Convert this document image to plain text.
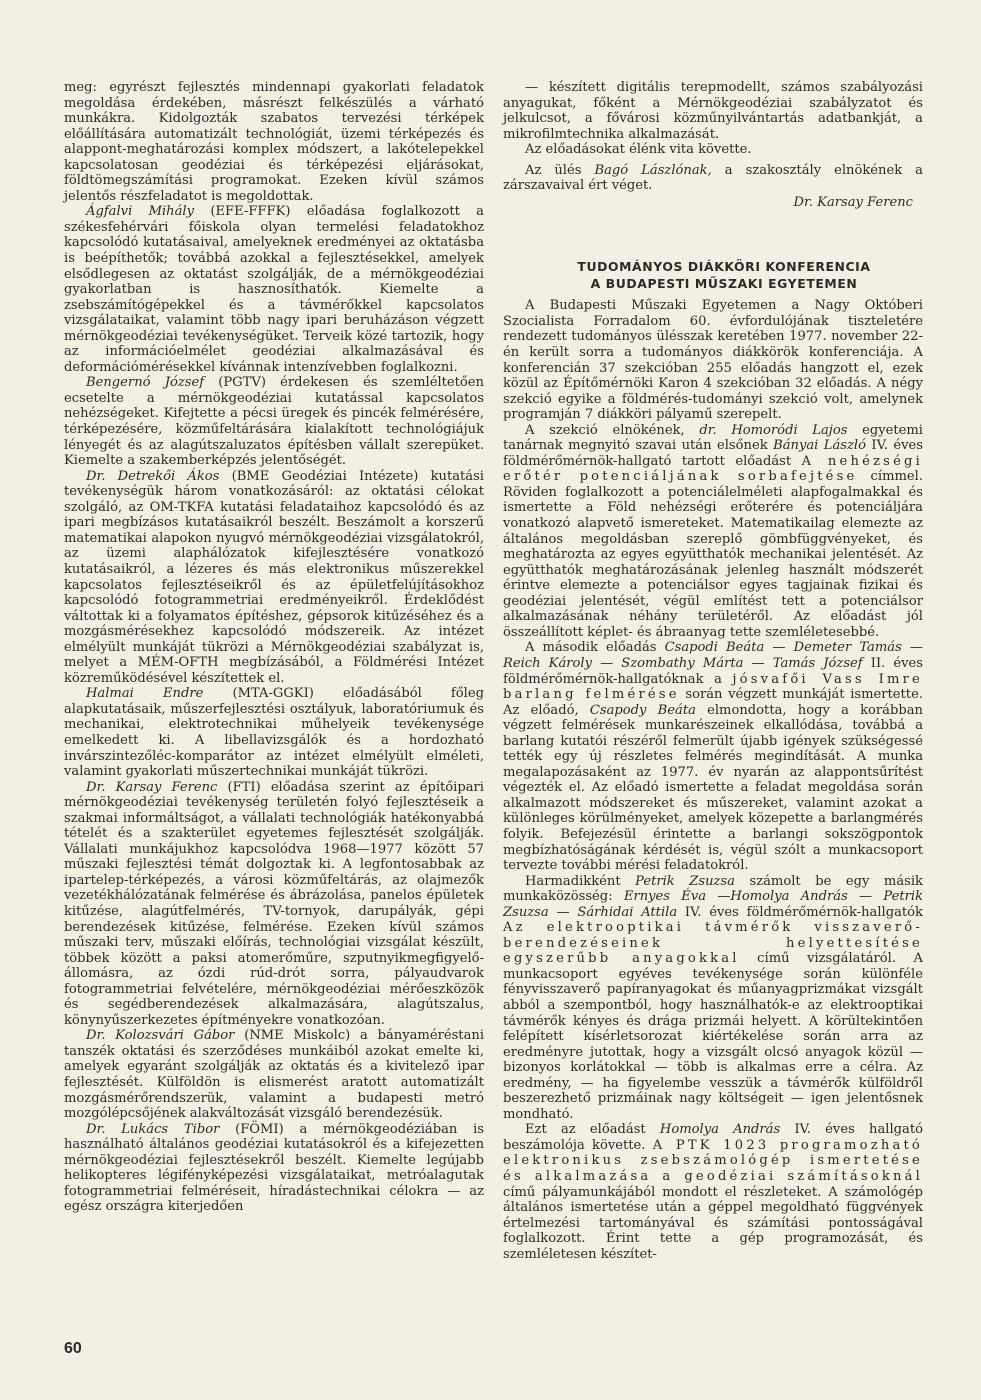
meg: egyrészt fejlesztés mindennapi gyakorlati feladatok megoldása érdekében, másrészt felkészülés a várható munkákra. Kidolgozták szabatos tervezési térképek előállítására automatizált technológiát, üzemi térképezés és alappont-meghatározási komplex módszert, a lakótelepekkel kapcsolatosan geodéziai és térképezési eljárásokat, földtömegszámítási programokat. Ezeken kívül számos jelentős részfeladatot is megoldottak.

Ágfalvi Mihály (EFE-FFFK) előadása foglalkozott a székesfehérvári főiskola olyan termelési feladatokhoz kapcsolódó kutatásaival, amelyeknek eredményei az oktatásba is beépíthetők; továbbá azokkal a fejlesztésekkel, amelyek elsődlegesen az oktatást szolgálják, de a mérnökgeodéziai gyakorlatban is hasznosíthatók. Kiemelte a zsebszámítógépekkel és a távmérőkkel kapcsolatos vizsgálataikat, valamint több nagy ipari beruházáson végzett mérnökgeodéziai tevékenységüket. Terveik közé tartozik, hogy az információelmélet geodéziai alkalmazásával és deformációmérésekkel kívánnak intenzívebben foglalkozni.

Bengernó József (PGTV) érdekesen és szemléltetően ecsetelte a mérnökgeodéziai kutatással kapcsolatos nehézségeket. Kifejtette a pécsi üregek és pincék felmérésére, térképezésére, közműfeltárására kialakított technológiájuk lényegét és az alagútszaluzatos építésben vállalt szerepüket. Kiemelte a szakemberképzés jelentőségét.

Dr. Detrekői Ákos (BME Geodéziai Intézete) kutatási tevékenységük három vonatkozásáról: az oktatási célokat szolgáló, az OM-TKFA kutatási feladataihoz kapcsolódó és az ipari megbízásos kutatásaikról beszélt. Beszámolt a korszerű matematikai alapokon nyugvó mérnökgeodéziai vizsgálatokról, az üzemi alaphálózatok kifejlesztésére vonatkozó kutatásaikról, a lézeres és más elektronikus műszerekkel kapcsolatos fejlesztéseikről és az épületfelújításokhoz kapcsolódó fotogrammetriai eredményeikről. Érdeklődést váltottak ki a folyamatos építéshez, gépsorok kitűzéséhez és a mozgásmérésekhez kapcsolódó módszereik. Az intézet elmélyült munkáját tükrözi a Mérnökgeodéziai szabályzat is, melyet a MÉM-OFTH megbízásából, a Földmérési Intézet közreműködésével készítettek el.

Halmai Endre (MTA-GGKI) előadásából főleg alapkutatásaik, műszerfejlesztési osztályuk, laboratóriumuk és mechanikai, elektrotechnikai műhelyeik tevékenysége emelkedett ki. A libellavizsgálók és a hordozható invárszintezőléc-komparátor az intézet elmélyült elméleti, valamint gyakorlati műszertechnikai munkáját tükrözi.

Dr. Karsay Ferenc (FTI) előadása szerint az építőipari mérnökgeodéziai tevékenység területén folyó fejlesztéseik a szakmai informáltságot, a vállalati technológiák hatékonyabbá tételét és a szakterület egyetemes fejlesztését szolgálják. Vállalati munkájukhoz kapcsolódva 1968—1977 között 57 műszaki fejlesztési témát dolgoztak ki. A legfontosabbak az ipartelep-térképezés, a városi közműfeltárás, az olajmezők vezetékhálózatának felmérése és ábrázolása, panelos épületek kitűzése, alagútfelmérés, TV-tornyok, darupályák, gépi berendezések kitűzése, felmérése. Ezeken kívül számos műszaki terv, műszaki előírás, technológiai vizsgálat készült, többek között a paksi atomerőműre, szputnyikmegfigyelő-állomásra, az ózdi rúd-drót sorra, pályaudvarok fotogrammetriai felvételére, mérnökgeodéziai mérőeszközök és segédberendezések alkalmazására, alagútszalus, könynyűszerkezetes építményekre vonatkozóan.

Dr. Kolozsvári Gábor (NME Miskolc) a bányaméréstani tanszék oktatási és szerződéses munkáiból azokat emelte ki, amelyek egyaránt szolgálják az oktatás és a kivitelező ipar fejlesztését. Külföldön is elismerést aratott automatizált mozgásmérőrendszerük, valamint a budapesti metró mozgólépcsőjének alakváltozását vizsgáló berendezésük.

Dr. Lukács Tibor (FÖMI) a mérnökgeodéziában is használható általános geodéziai kutatásokról és a kifejezetten mérnökgeodéziai fejlesztésekről beszélt. Kiemelte legújabb helikopteres légifényképezési vizsgálataikat, metróalagutak fotogrammetriai felméréseit, híradástechnikai célokra — az egész országra kiterjedően

— készített digitális terepmodellt, számos szabályozási anyagukat, főként a Mérnökgeodéziai szabályzatot és jelkulcsot, a fővárosi közműnyilvántartás adatbankját, a mikrofilmtechnika alkalmazását.

Az előadásokat élénk vita követte.

Az ülés Bagó Lászlónak, a szakosztály elnökének a zárszavaival ért véget.

Dr. Karsay Ferenc

TUDOMÁNYOS DIÁKKÖRI KONFERENCIA

A BUDAPESTI MŰSZAKI EGYETEMEN

A Budapesti Műszaki Egyetemen a Nagy Októberi Szocialista Forradalom 60. évfordulójának tiszteletére rendezett tudományos ülésszak keretében 1977. november 22-én került sorra a tudományos diákkörök konferenciája. A konferencián 37 szekcióban 255 előadás hangzott el, ezek közül az Építőmérnöki Karon 4 szekcióban 32 előadás. A négy szekció egyike a földmérés-tudományi szekció volt, amelynek programján 7 diákköri pályamű szerepelt.

A szekció elnökének, dr. Homoródi Lajos egyetemi tanárnak megnyitó szavai után elsőnek Bányai László IV. éves földmérőmérnök-hallgató tartott előadást A nehézségi erőtér potenciáljának sorbafejtése címmel. Röviden foglalkozott a potenciálelméleti alapfogalmakkal és ismertette a Föld nehézségi erőterére és potenciáljára vonatkozó alapvető ismereteket. Matematikailag elemezte az általános megoldásban szereplő gömbfüggvényeket, és meghatározta az egyes együtthatók mechanikai jelentését. Az együtthatók meghatározásának jelenleg használt módszerét érintve elemezte a potenciálsor egyes tagjainak fizikai és geodéziai jelentését, végül említést tett a potenciálsor alkalmazásának néhány területéről. Az előadást jól összeállított képlet- és ábraanyag tette szemléletesebbé.

A második előadás Csapodi Beáta — Demeter Tamás — Reich Károly — Szombathy Márta — Tamás József II. éves földmérőmérnök-hallgatóknak a jósvafői Vass Imre barlang felmérése során végzett munkáját ismertette. Az előadó, Csapody Beáta elmondotta, hogy a korábban végzett felmérések munkarészeinek elkallódása, továbbá a barlang kutatói részéről felmerült újabb igények szükségessé tették egy új részletes felmérés megindítását. A munka megalapozásaként az 1977. év nyarán az alappontsűrítést végezték el. Az előadó ismertette a feladat megoldása során alkalmazott módszereket és műszereket, valamint azokat a különleges körülményeket, amelyek közepette a barlangmérés folyik. Befejezésül érintette a barlangi sokszögpontok megbízhatóságának kérdését is, végül szólt a munkacsoport tervezte további mérési feladatokról.

Harmadikként Petrik Zsuzsa számolt be egy másik munkaközösség: Ernyes Éva —Homolya András — Petrik Zsuzsa — Sárhidai Attila IV. éves földmérőmérnök-hallgatók Az elektrooptikai távmérők visszaverő-berendezéseinek helyettesítése egyszerűbb anyagokkal című vizsgálatáról. A munkacsoport egyéves tevékenysége során különféle fényvisszaverő papíranyagokat és műanyagprizmákat vizsgált abból a szempontból, hogy használhatók-e az elektrooptikai távmérők kényes és drága prizmái helyett. A körültekintően felépített kísérletsorozat kiértékelése során arra az eredményre jutottak, hogy a vizsgált olcsó anyagok közül —bizonyos korlátokkal — több is alkalmas erre a célra. Az eredmény, — ha figyelembe vesszük a távmérők külföldről beszerezhető prizmáinak nagy költségeit — igen jelentősnek mondható.

Ezt az előadást Homolya András IV. éves hallgató beszámolója követte. A PTK 1023 programozható elektronikus zsebszámológép ismertetése és alkalmazása a geodéziai számításoknál című pályamunkájából mondott el részleteket. A számológép általános ismertetése után a géppel megoldható függvények értelmezési tartományával és számítási pontosságával foglalkozott. Érint tette a gép programozását, és szemléletesen készítet-

60
